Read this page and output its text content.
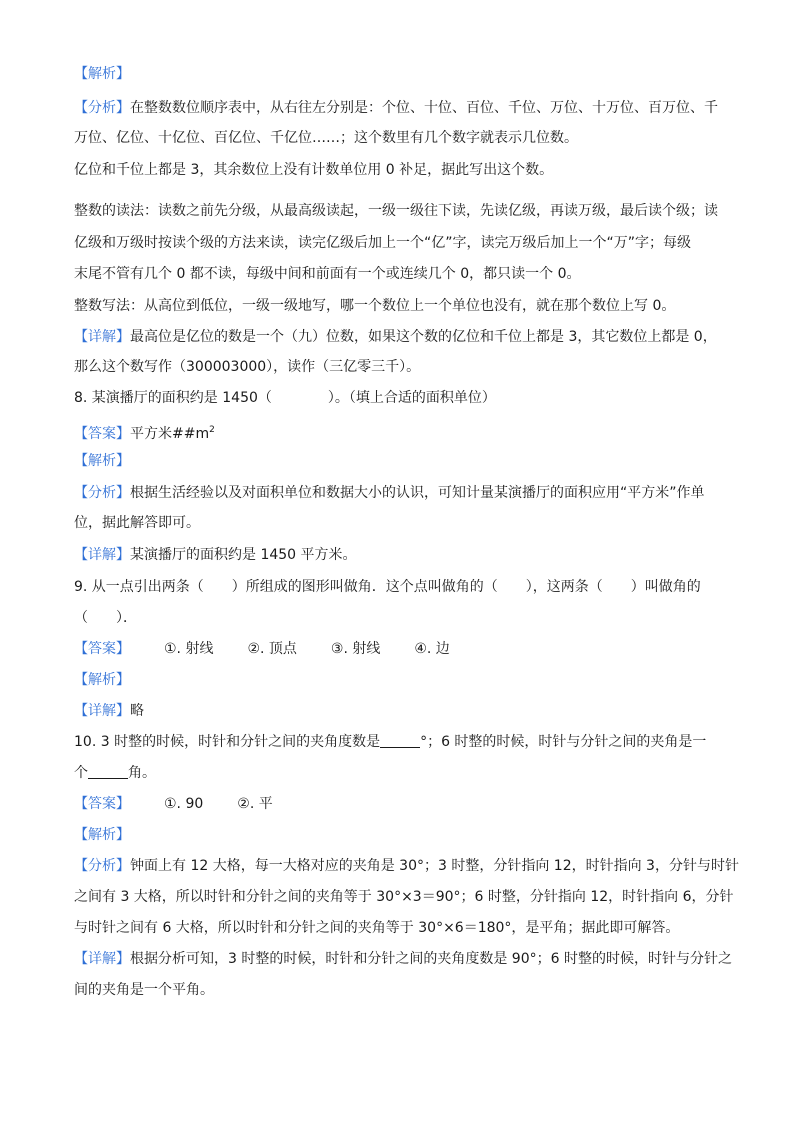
【解析】
【分析】在整数数位顺序表中，从右往左分别是：个位、十位、百位、千位、万位、十万位、百万位、千
万位、亿位、十亿位、百亿位、千亿位……；这个数里有几个数字就表示几位数。
亿位和千位上都是 3，其余数位上没有计数单位用 0 补足，据此写出这个数。
整数的读法：读数之前先分级，从最高级读起，一级一级往下读，先读亿级，再读万级，最后读个级；读
亿级和万级时按读个级的方法来读，读完亿级后加上一个“亿”字，读完万级后加上一个“万”字；每级
末尾不管有几个 0 都不读，每级中间和前面有一个或连续几个 0，都只读一个 0。
整数写法：从高位到低位，一级一级地写，哪一个数位上一个单位也没有，就在那个数位上写 0。
【详解】最高位是亿位的数是一个（九）位数，如果这个数的亿位和千位上都是 3，其它数位上都是 0，
那么这个数写作（300003000），读作（三亿零三千）。
8. 某演播厅的面积约是 1450（　　　　）。（填上合适的面积单位）
【答案】平方米$\#\#m^2$
【解析】
【分析】根据生活经验以及对面积单位和数据大小的认识，可知计量某演播厅的面积应用“平方米”作单
位，据此解答即可。
【详解】某演播厅的面积约是 1450 平方米。
9. 从一点引出两条（　　）所组成的图形叫做角．这个点叫做角的（　　），这两条（　　）叫做角的
（　　）．
【答案】 ①. 射线 ②. 顶点 ③. 射线 ④. 边
【解析】
【详解】略
10. 3 时整的时候，时针和分针之间的夹角度数是	°；6 时整的时候，时针与分针之间的夹角是一
个	角。
【答案】 ①. 90 ②. 平
【解析】
【分析】钟面上有 12 大格，每一大格对应的夹角是 30°；3 时整，分针指向 12，时针指向 3，分针与时针
之间有 3 大格，所以时针和分针之间的夹角等于 30°×3＝90°；6 时整，分针指向 12，时针指向 6，分针
与时针之间有 6 大格，所以时针和分针之间的夹角等于 30°×6＝180°，是平角；据此即可解答。
【详解】根据分析可知，3 时整的时候，时针和分针之间的夹角度数是 90°；6 时整的时候，时针与分针之
间的夹角是一个平角。
